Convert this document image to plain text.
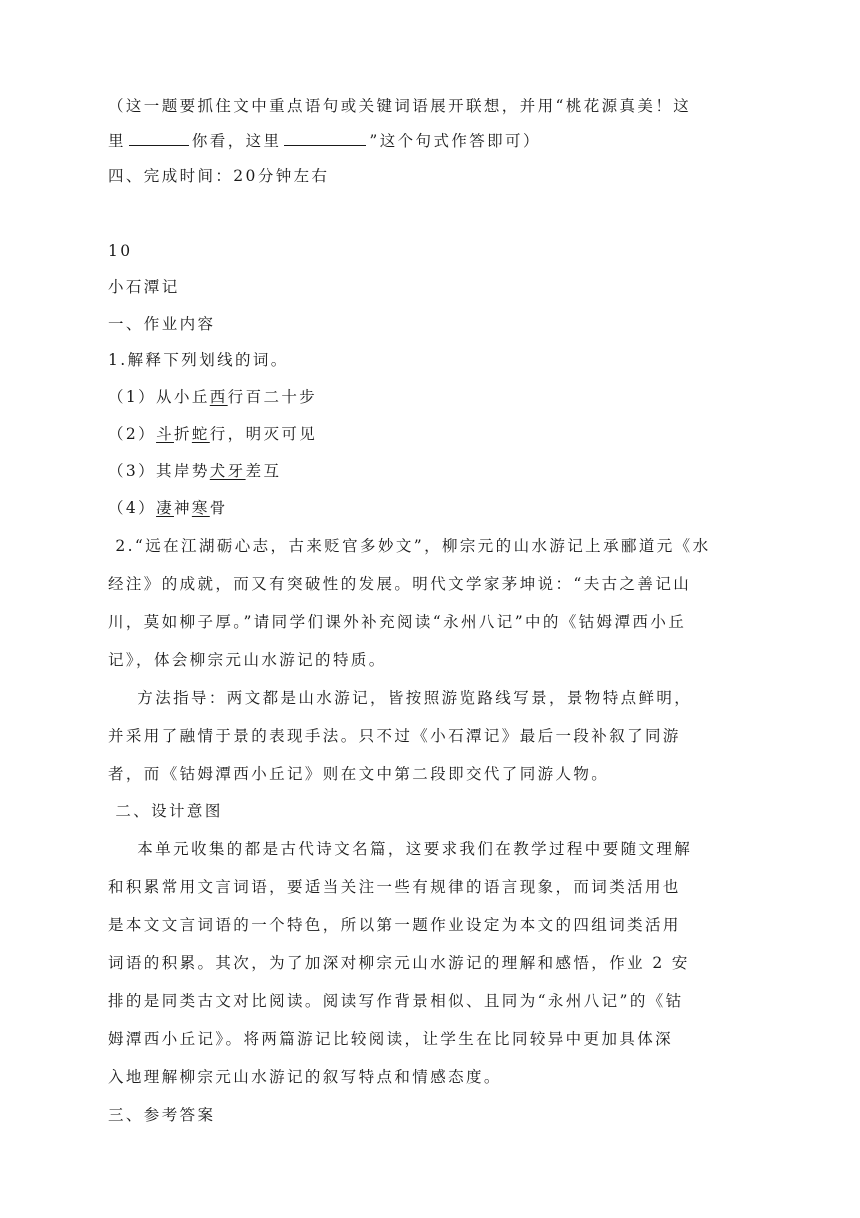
（这一题要抓住文中重点语句或关键词语展开联想，并用“桃花源真美！这
里	你看，这里	”这个句式作答即可）
四、完成时间：20分钟左右
10
小石潭记
一、作业内容
1.解释下列划线的词。
（1）从小丘西行百二十步
（2）斗折蛇行，明灭可见
（3）其岸势犬牙差互
（4）凄神寒骨
2.“远在江湖砺心志，古来贬官多妙文”，柳宗元的山水游记上承郦道元《水
经注》的成就，而又有突破性的发展。明代文学家茅坤说：“夫古之善记山
川，莫如柳子厚。”请同学们课外补充阅读“永州八记”中的《钴姆潭西小丘
记》，体会柳宗元山水游记的特质。
方法指导：两文都是山水游记，皆按照游览路线写景，景物特点鲜明，
并采用了融情于景的表现手法。只不过《小石潭记》最后一段补叙了同游
者，而《钴姆潭西小丘记》则在文中第二段即交代了同游人物。
二、设计意图
本单元收集的都是古代诗文名篇，这要求我们在教学过程中要随文理解
和积累常用文言词语，要适当关注一些有规律的语言现象，而词类活用也
是本文文言词语的一个特色，所以第一题作业设定为本文的四组词类活用
词语的积累。其次，为了加深对柳宗元山水游记的理解和感悟，作业 2 安
排的是同类古文对比阅读。阅读写作背景相似、且同为“永州八记”的《钴
姆潭西小丘记》。将两篇游记比较阅读，让学生在比同较异中更加具体深
入地理解柳宗元山水游记的叙写特点和情感态度。
三、参考答案
